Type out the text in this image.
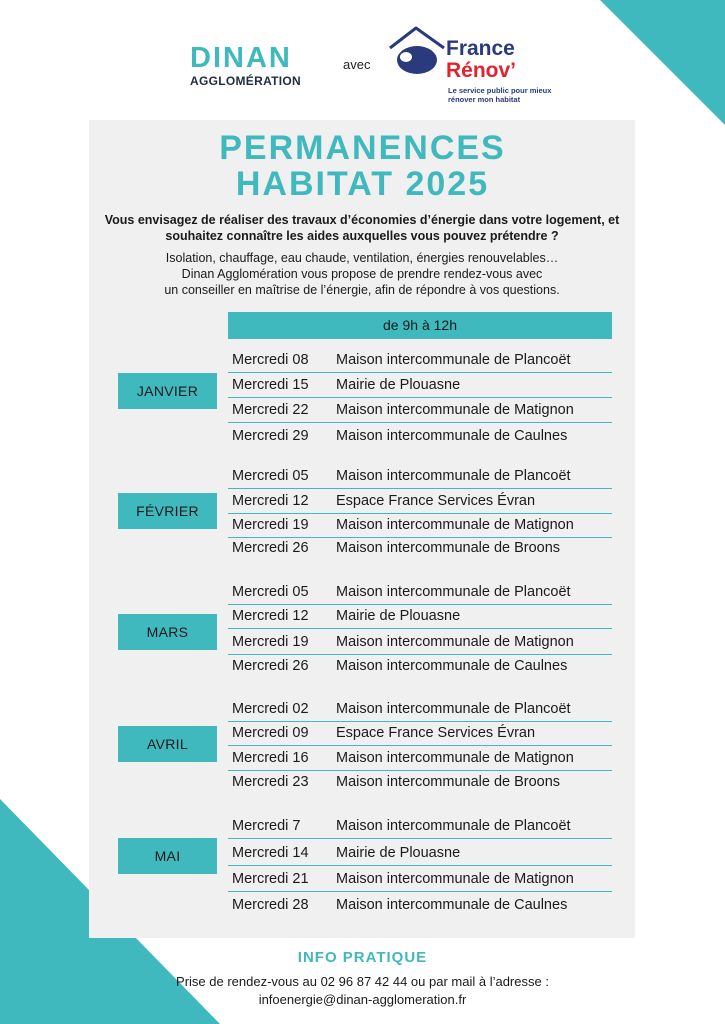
DINAN
AGGLOMÉRATION
avec
France
Rénov’
Le service public pour mieux rénover mon habitat
PERMANENCES
HABITAT 2025
Vous envisagez de réaliser des travaux d’économies d’énergie dans votre logement, et souhaitez connaître les aides auxquelles vous pouvez prétendre ?
Isolation, chauffage, eau chaude, ventilation, énergies renouvelables…
Dinan Agglomération vous propose de prendre rendez-vous avec
un conseiller en maîtrise de l’énergie, afin de répondre à vos questions.
de 9h à 12h
JANVIER
Mercredi 08 Maison intercommunale de Plancoët
Mercredi 15 Mairie de Plouasne
Mercredi 22 Maison intercommunale de Matignon
Mercredi 29 Maison intercommunale de Caulnes
FÉVRIER
Mercredi 05 Maison intercommunale de Plancoët
Mercredi 12 Espace France Services Évran
Mercredi 19 Maison intercommunale de Matignon
Mercredi 26 Maison intercommunale de Broons
MARS
Mercredi 05 Maison intercommunale de Plancoët
Mercredi 12 Mairie de Plouasne
Mercredi 19 Maison intercommunale de Matignon
Mercredi 26 Maison intercommunale de Caulnes
AVRIL
Mercredi 02 Maison intercommunale de Plancoët
Mercredi 09 Espace France Services Évran
Mercredi 16 Maison intercommunale de Matignon
Mercredi 23 Maison intercommunale de Broons
MAI
Mercredi 7 Maison intercommunale de Plancoët
Mercredi 14 Mairie de Plouasne
Mercredi 21 Maison intercommunale de Matignon
Mercredi 28 Maison intercommunale de Caulnes
INFO PRATIQUE
Prise de rendez-vous au 02 96 87 42 44 ou par mail à l’adresse :
infoenergie@dinan-agglomeration.fr
